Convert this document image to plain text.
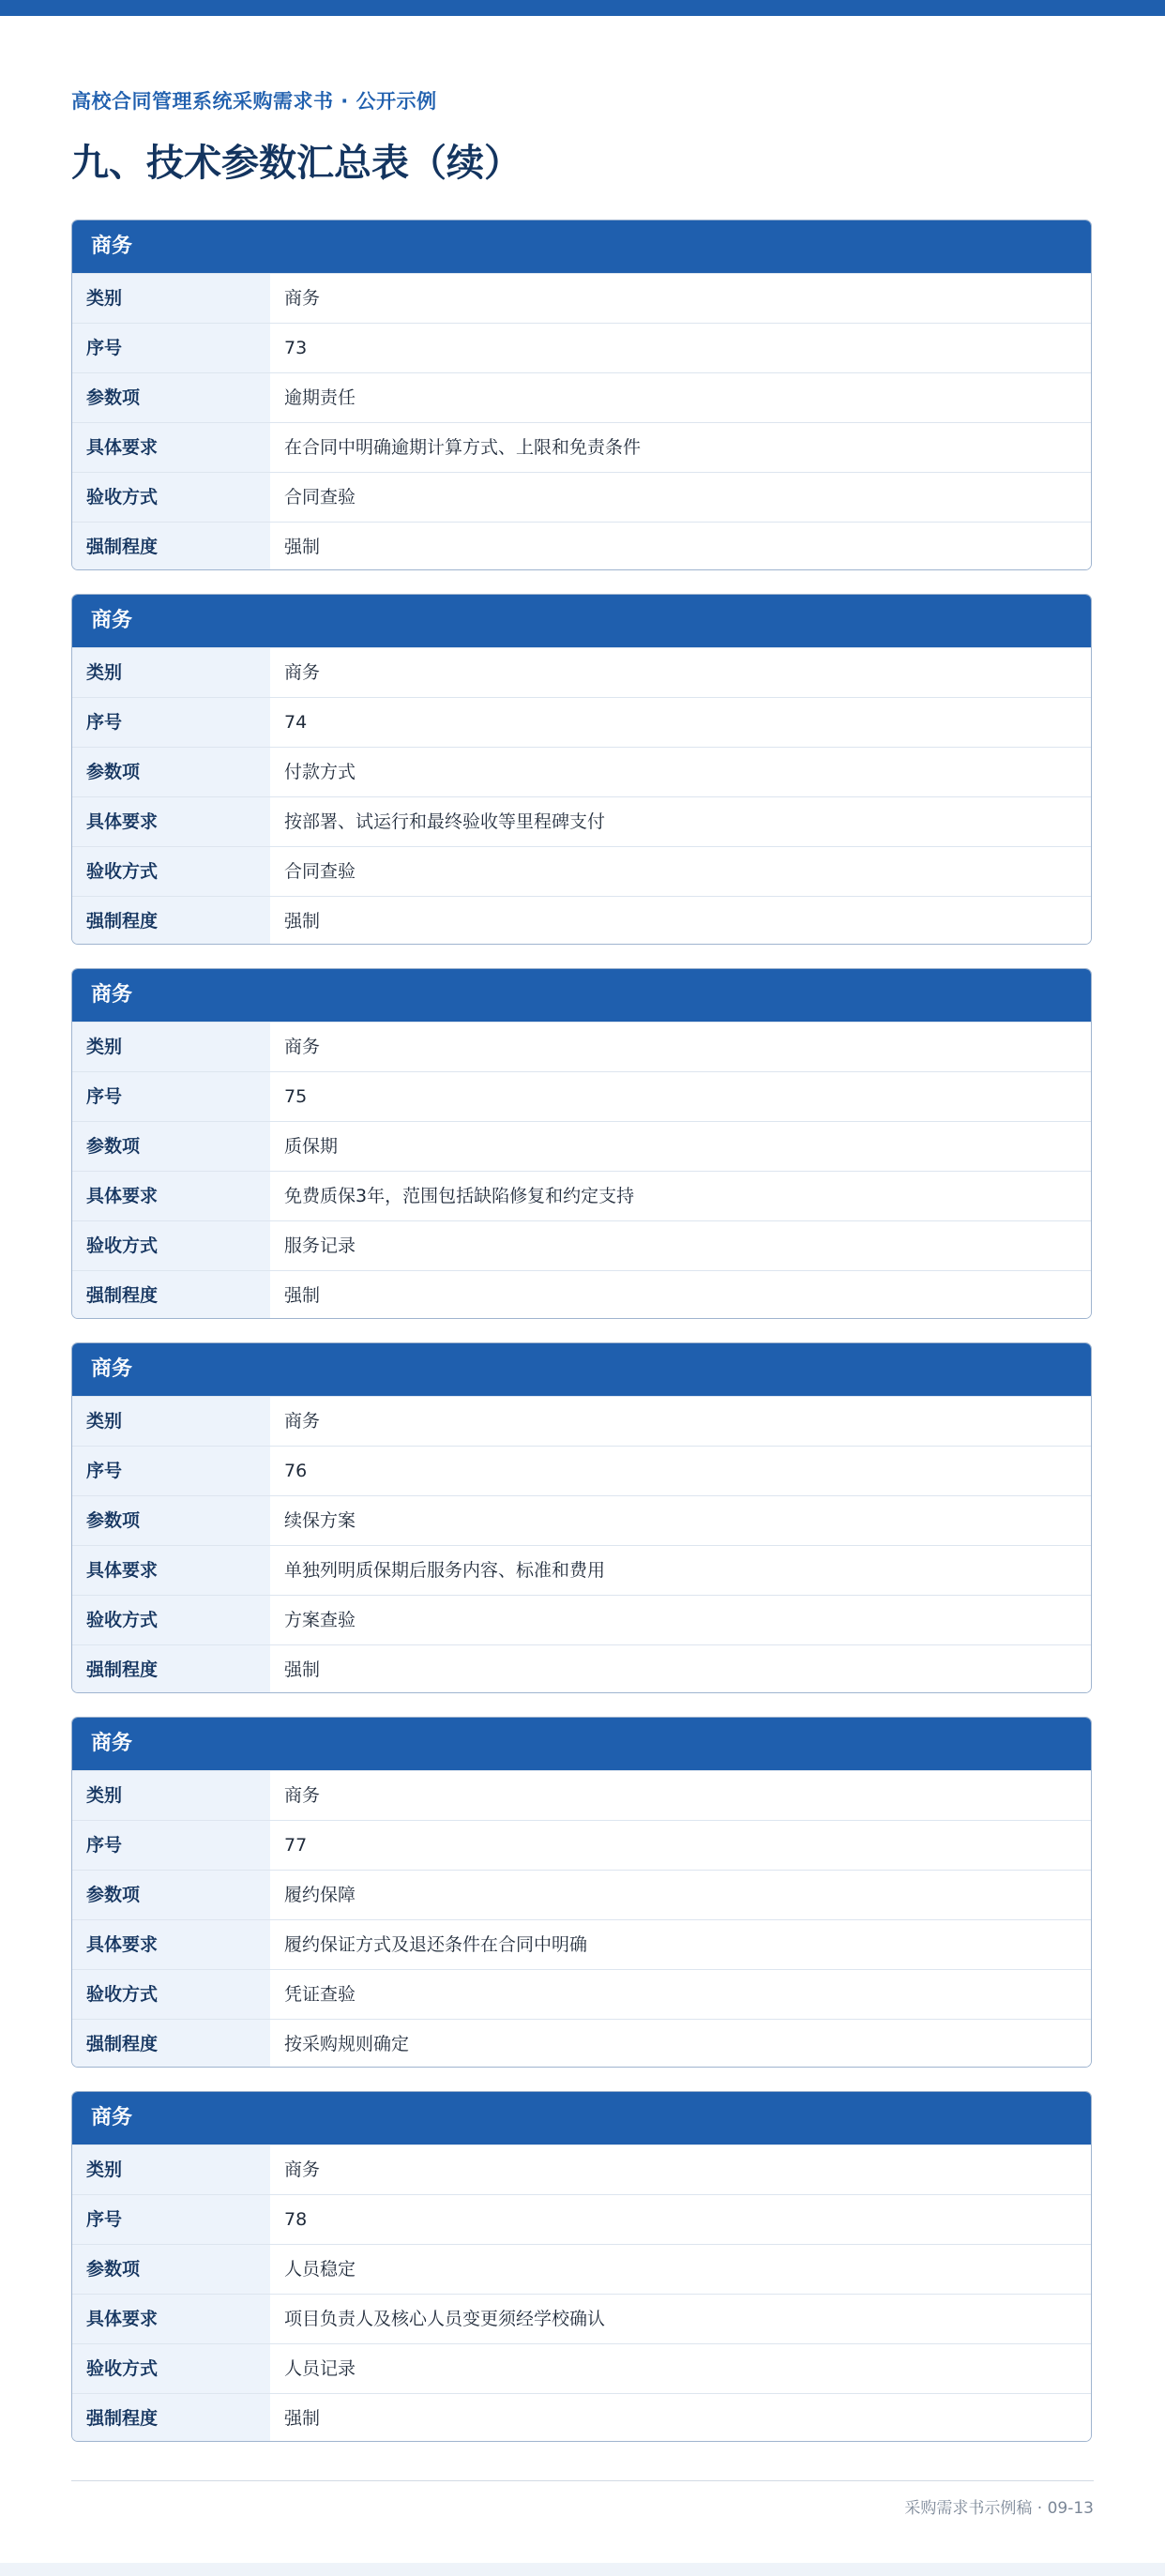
高校合同管理系统采购需求书 · 公开示例
九、技术参数汇总表（续）
商务
类别	商务
序号	73
参数项	逾期责任
具体要求	在合同中明确逾期计算方式、上限和免责条件
验收方式	合同查验
强制程度	强制
商务
类别	商务
序号	74
参数项	付款方式
具体要求	按部署、试运行和最终验收等里程碑支付
验收方式	合同查验
强制程度	强制
商务
类别	商务
序号	75
参数项	质保期
具体要求	免费质保3年，范围包括缺陷修复和约定支持
验收方式	服务记录
强制程度	强制
商务
类别	商务
序号	76
参数项	续保方案
具体要求	单独列明质保期后服务内容、标准和费用
验收方式	方案查验
强制程度	强制
商务
类别	商务
序号	77
参数项	履约保障
具体要求	履约保证方式及退还条件在合同中明确
验收方式	凭证查验
强制程度	按采购规则确定
商务
类别	商务
序号	78
参数项	人员稳定
具体要求	项目负责人及核心人员变更须经学校确认
验收方式	人员记录
强制程度	强制
采购需求书示例稿 · 09-13
